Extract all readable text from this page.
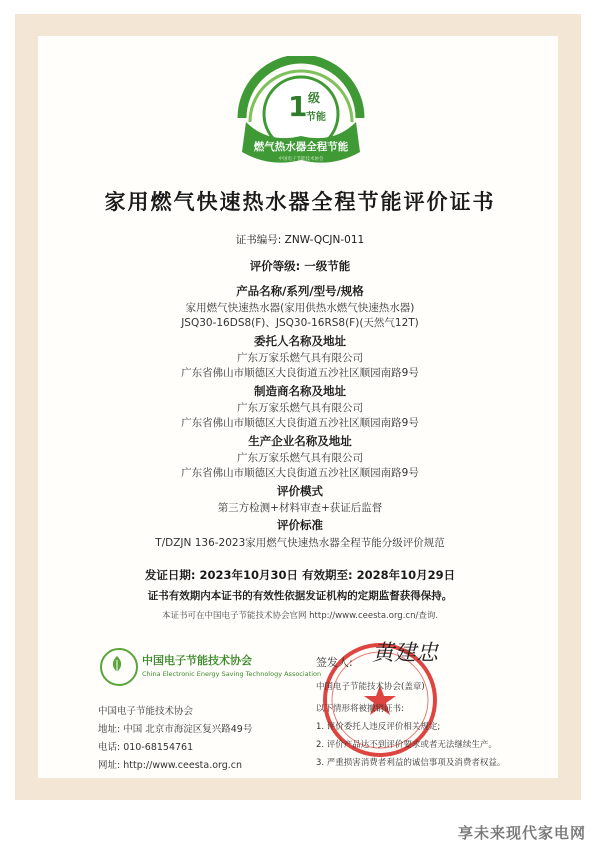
1 级
节能
燃气热水器全程节能
中国电子节能技术协会
家用燃气快速热水器全程节能评价证书
证书编号: ZNW-QCJN-011
评价等级: 一级节能
产品名称/系列/型号/规格
家用燃气快速热水器(家用供热水燃气快速热水器)
JSQ30-16DS8(F)、JSQ30-16RS8(F)(天然气12T)
委托人名称及地址
广东万家乐燃气具有限公司
广东省佛山市顺德区大良街道五沙社区顺园南路9号
制造商名称及地址
广东万家乐燃气具有限公司
广东省佛山市顺德区大良街道五沙社区顺园南路9号
生产企业名称及地址
广东万家乐燃气具有限公司
广东省佛山市顺德区大良街道五沙社区顺园南路9号
评价模式
第三方检测+材料审查+获证后监督
评价标准
T/DZJN 136-2023家用燃气快速热水器全程节能分级评价规范
发证日期: 2023年10月30日 有效期至: 2028年10月29日
证书有效期内本证书的有效性依据发证机构的定期监督获得保持。
本证书可在中国电子节能技术协会官网 http://www.ceesta.org.cn/查询.
中国电子节能技术协会
China Electronic Energy Saving Technology Association
中国电子节能技术协会
地址: 中国 北京市海淀区复兴路49号
电话: 010-68154761
网址: http://www.ceesta.org.cn
签发人: 黄建忠
中国电子节能技术协会(盖章)
以下情形将被撤销证书:
1. 评价委托人违反评价相关规定;
2. 评价产品达不到评价要求或者无法继续生产。
3. 严重损害消费者利益的诚信事项及消费者权益。
享未来现代家电网
